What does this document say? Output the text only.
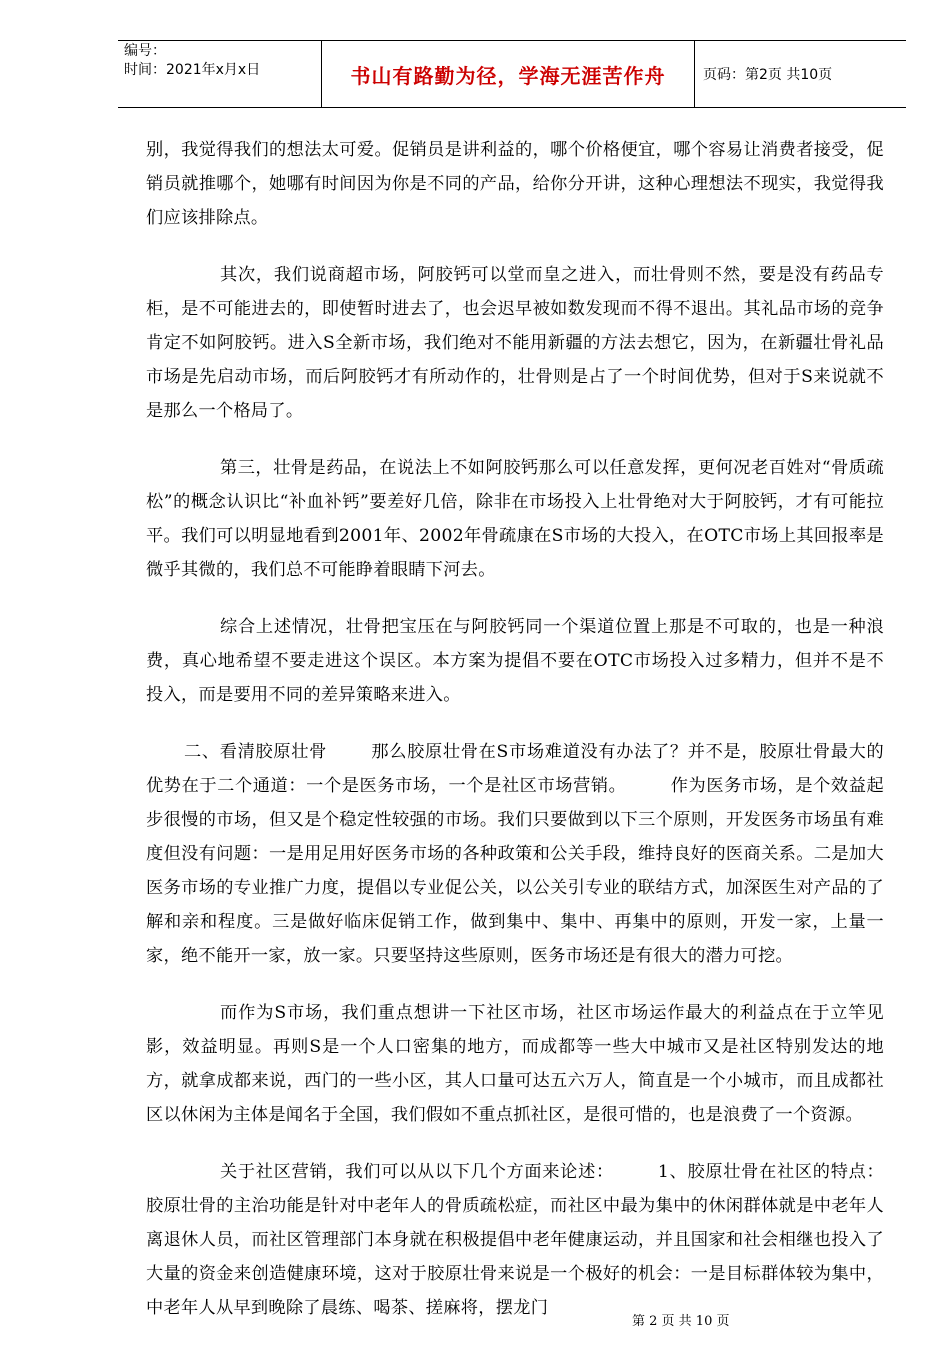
编号：
时间：2021年x月x日	书山有路勤为径，学海无涯苦作舟	页码：第2页 共10页

别，我觉得我们的想法太可爱。促销员是讲利益的，哪个价格便宜，哪个容易让消费者接受，促销员就推哪个，她哪有时间因为你是不同的产品，给你分开讲，这种心理想法不现实，我觉得我们应该排除点。

其次，我们说商超市场，阿胶钙可以堂而皇之进入，而壮骨则不然，要是没有药品专柜，是不可能进去的，即使暂时进去了，也会迟早被如数发现而不得不退出。其礼品市场的竞争肯定不如阿胶钙。进入S全新市场，我们绝对不能用新疆的方法去想它，因为，在新疆壮骨礼品市场是先启动市场，而后阿胶钙才有所动作的，壮骨则是占了一个时间优势，但对于S来说就不是那么一个格局了。

第三，壮骨是药品，在说法上不如阿胶钙那么可以任意发挥，更何况老百姓对“骨质疏松”的概念认识比“补血补钙”要差好几倍，除非在市场投入上壮骨绝对大于阿胶钙，才有可能拉平。我们可以明显地看到2001年、2002年骨疏康在S市场的大投入，在OTC市场上其回报率是微乎其微的，我们总不可能睁着眼睛下河去。

综合上述情况，壮骨把宝压在与阿胶钙同一个渠道位置上那是不可取的，也是一种浪费，真心地希望不要走进这个误区。本方案为提倡不要在OTC市场投入过多精力，但并不是不投入，而是要用不同的差异策略来进入。

二、看清胶原壮骨	那么胶原壮骨在S市场难道没有办法了？并不是，胶原壮骨最大的优势在于二个通道：一个是医务市场，一个是社区市场营销。	作为医务市场，是个效益起步很慢的市场，但又是个稳定性较强的市场。我们只要做到以下三个原则，开发医务市场虽有难度但没有问题：一是用足用好医务市场的各种政策和公关手段，维持良好的医商关系。二是加大医务市场的专业推广力度，提倡以专业促公关，以公关引专业的联结方式，加深医生对产品的了解和亲和程度。三是做好临床促销工作，做到集中、集中、再集中的原则，开发一家，上量一家，绝不能开一家，放一家。只要坚持这些原则，医务市场还是有很大的潜力可挖。

而作为S市场，我们重点想讲一下社区市场，社区市场运作最大的利益点在于立竿见影，效益明显。再则S是一个人口密集的地方，而成都等一些大中城市又是社区特别发达的地方，就拿成都来说，西门的一些小区，其人口量可达五六万人，简直是一个小城市，而且成都社区以休闲为主体是闻名于全国，我们假如不重点抓社区，是很可惜的，也是浪费了一个资源。

关于社区营销，我们可以从以下几个方面来论述：	1、胶原壮骨在社区的特点：胶原壮骨的主治功能是针对中老年人的骨质疏松症，而社区中最为集中的休闲群体就是中老年人离退休人员，而社区管理部门本身就在积极提倡中老年健康运动，并且国家和社会相继也投入了大量的资金来创造健康环境，这对于胶原壮骨来说是一个极好的机会：一是目标群体较为集中，中老年人从早到晚除了晨练、喝茶、搓麻将，摆龙门

第 2 页 共 10 页
